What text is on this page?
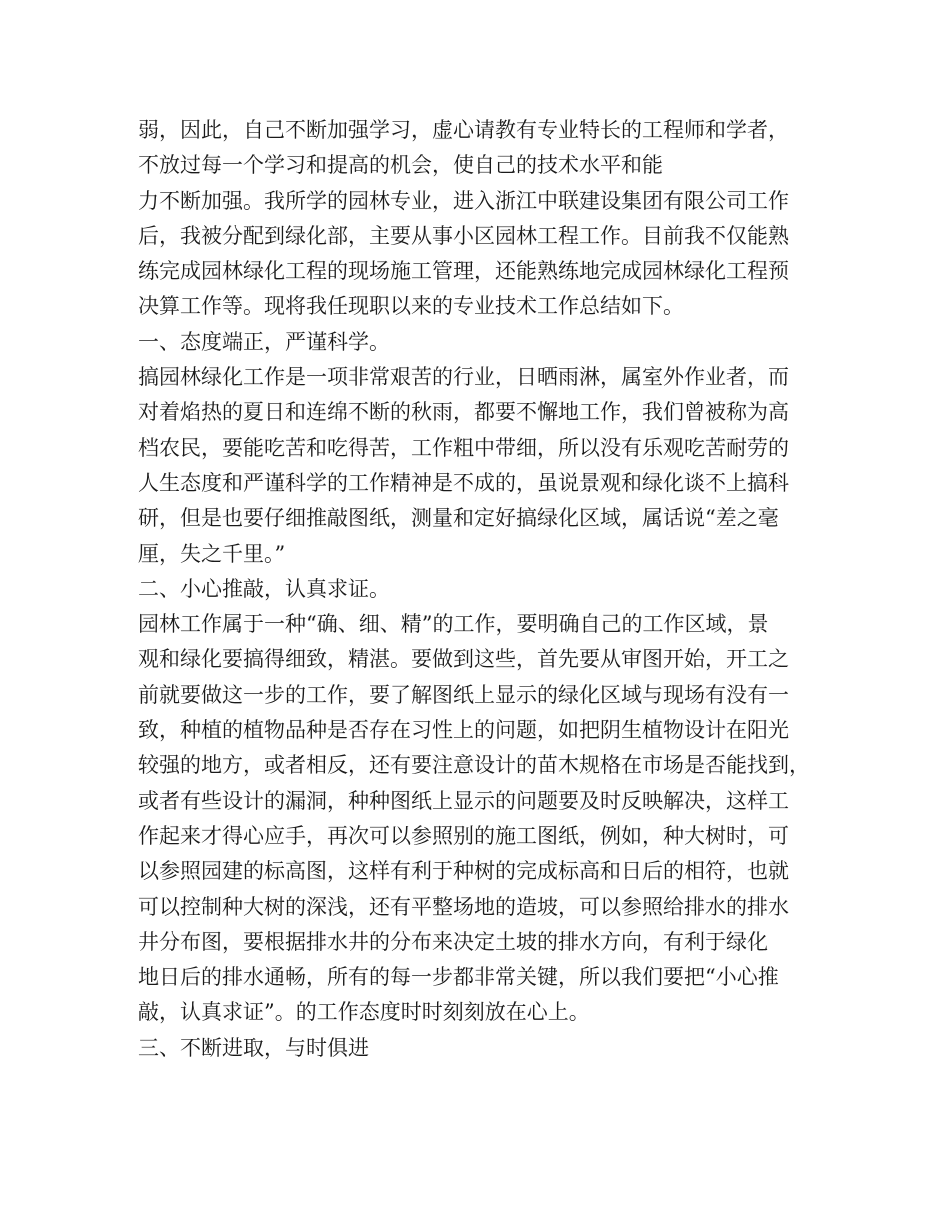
弱，因此，自己不断加强学习，虚心请教有专业特长的工程师和学者，
不放过每一个学习和提高的机会，使自己的技术水平和能
力不断加强。我所学的园林专业，进入浙江中联建设集团有限公司工作
后，我被分配到绿化部，主要从事小区园林工程工作。目前我不仅能熟
练完成园林绿化工程的现场施工管理，还能熟练地完成园林绿化工程预
决算工作等。现将我任现职以来的专业技术工作总结如下。
一、态度端正，严谨科学。
搞园林绿化工作是一项非常艰苦的行业，日晒雨淋，属室外作业者，而
对着焰热的夏日和连绵不断的秋雨，都要不懈地工作，我们曾被称为高
档农民，要能吃苦和吃得苦，工作粗中带细，所以没有乐观吃苦耐劳的
人生态度和严谨科学的工作精神是不成的，虽说景观和绿化谈不上搞科
研，但是也要仔细推敲图纸，测量和定好搞绿化区域，属话说“差之毫
厘，失之千里。”
二、小心推敲，认真求证。
园林工作属于一种“确、细、精”的工作，要明确自己的工作区域，景
观和绿化要搞得细致，精湛。要做到这些，首先要从审图开始，开工之
前就要做这一步的工作，要了解图纸上显示的绿化区域与现场有没有一
致，种植的植物品种是否存在习性上的问题，如把阴生植物设计在阳光
较强的地方，或者相反，还有要注意设计的苗木规格在市场是否能找到，
或者有些设计的漏洞，种种图纸上显示的问题要及时反映解决，这样工
作起来才得心应手，再次可以参照别的施工图纸，例如，种大树时，可
以参照园建的标高图，这样有利于种树的完成标高和日后的相符，也就
可以控制种大树的深浅，还有平整场地的造坡，可以参照给排水的排水
井分布图，要根据排水井的分布来决定土坡的排水方向，有利于绿化
地日后的排水通畅，所有的每一步都非常关键，所以我们要把“小心推
敲，认真求证”。的工作态度时时刻刻放在心上。
三、不断进取，与时俱进
